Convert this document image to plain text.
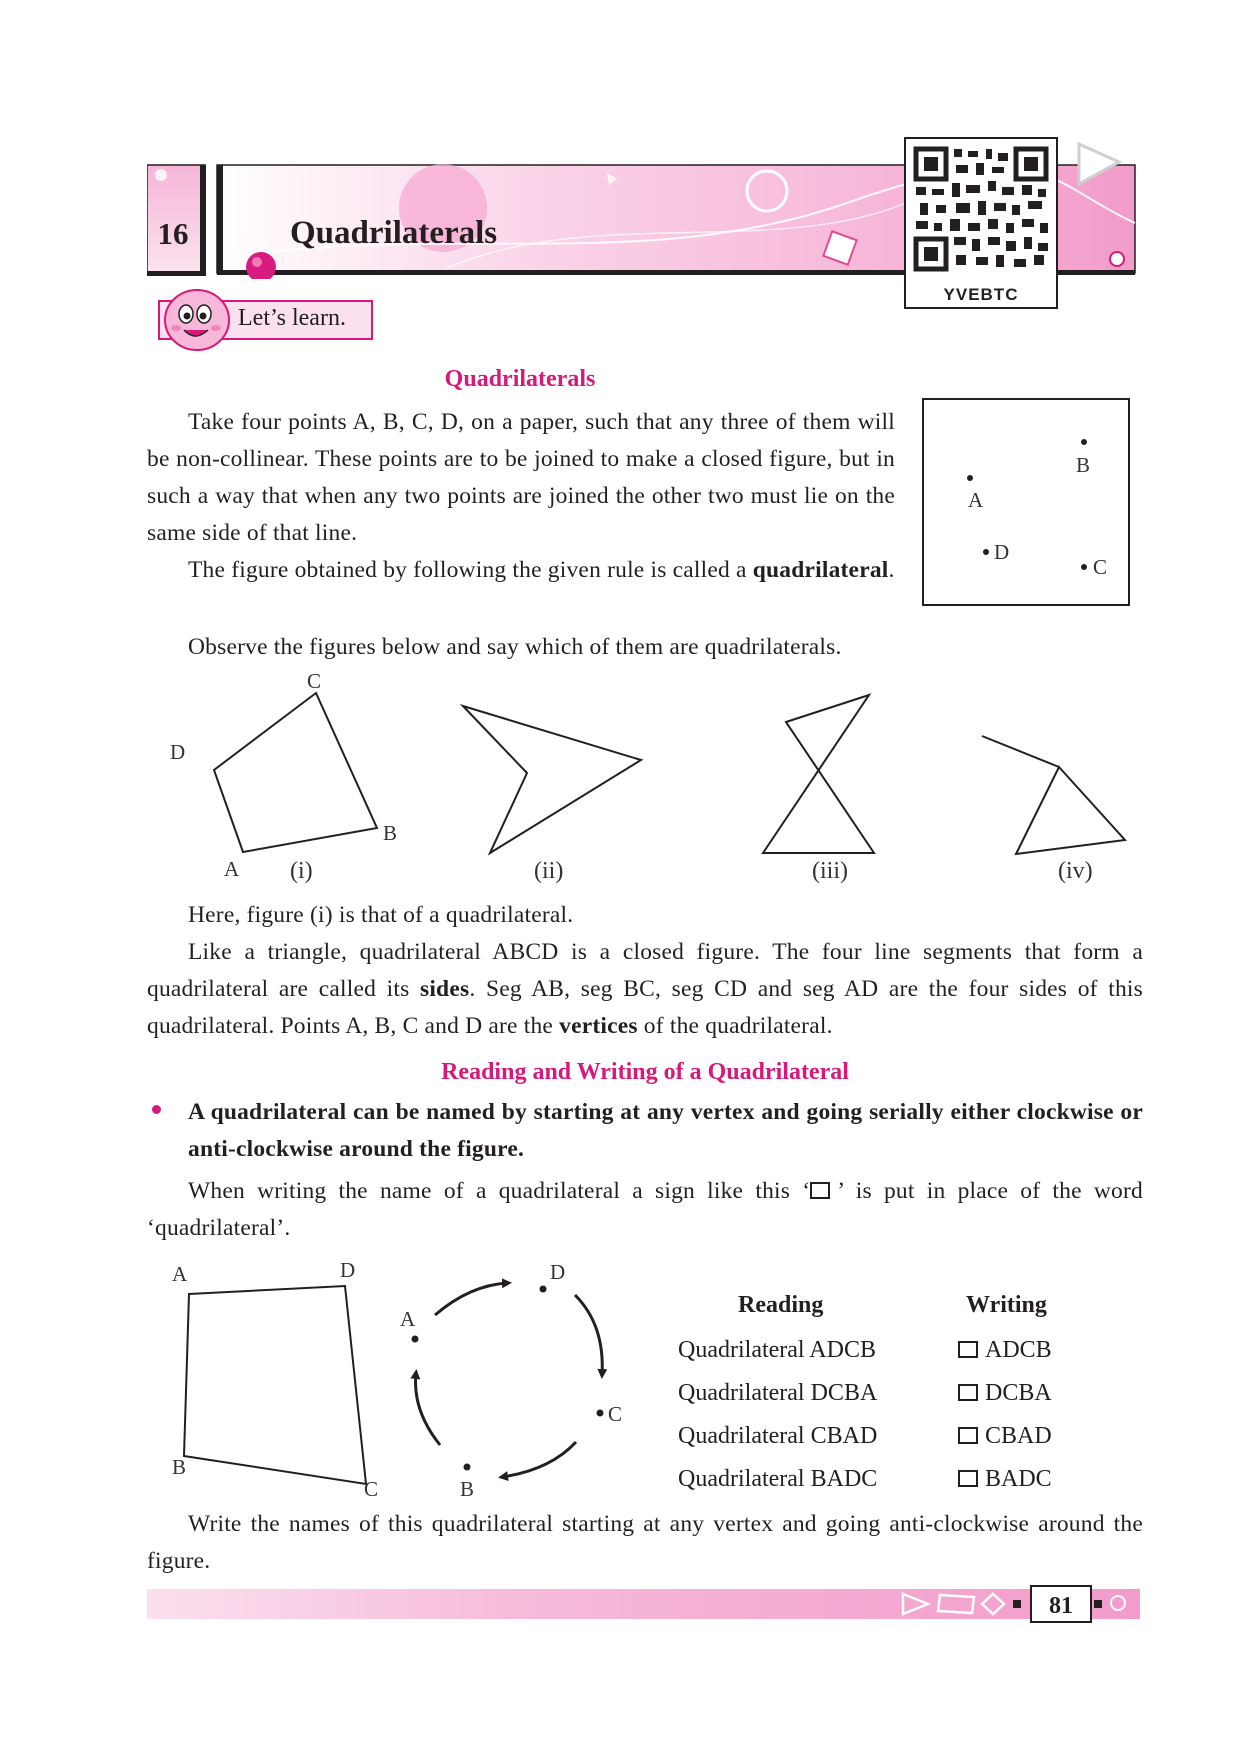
16	Quadrilaterals
YVEBTC
Let’s learn.
Quadrilaterals
Take four points A, B, C, D, on a paper, such that any three of them will be non-collinear. These points are to be joined to make a closed figure, but in such a way that when any two points are joined the other two must lie on the same side of that line.
The figure obtained by following the given rule is called a quadrilateral.
A
B
C
D
Observe the figures below and say which of them are quadrilaterals.
C
D
B
A (i)	(ii)	(iii)	(iv)
Here, figure (i) is that of a quadrilateral.
Like a triangle, quadrilateral ABCD is a closed figure. The four line segments that form a quadrilateral are called its sides. Seg AB, seg BC, seg CD and seg AD are the four sides of this quadrilateral. Points A, B, C and D are the vertices of the quadrilateral.
Reading and Writing of a Quadrilateral
A quadrilateral can be named by starting at any vertex and going serially either clockwise or anti-clockwise around the figure.
When writing the name of a quadrilateral a sign like this ‘ ’ is put in place of the word ‘quadrilateral’.
A	D
B
C
D
A
C
B
Reading	Writing
Quadrilateral ADCB	ADCB
Quadrilateral DCBA	DCBA
Quadrilateral CBAD	CBAD
Quadrilateral BADC	BADC
Write the names of this quadrilateral starting at any vertex and going anti-clockwise around the figure.
81
